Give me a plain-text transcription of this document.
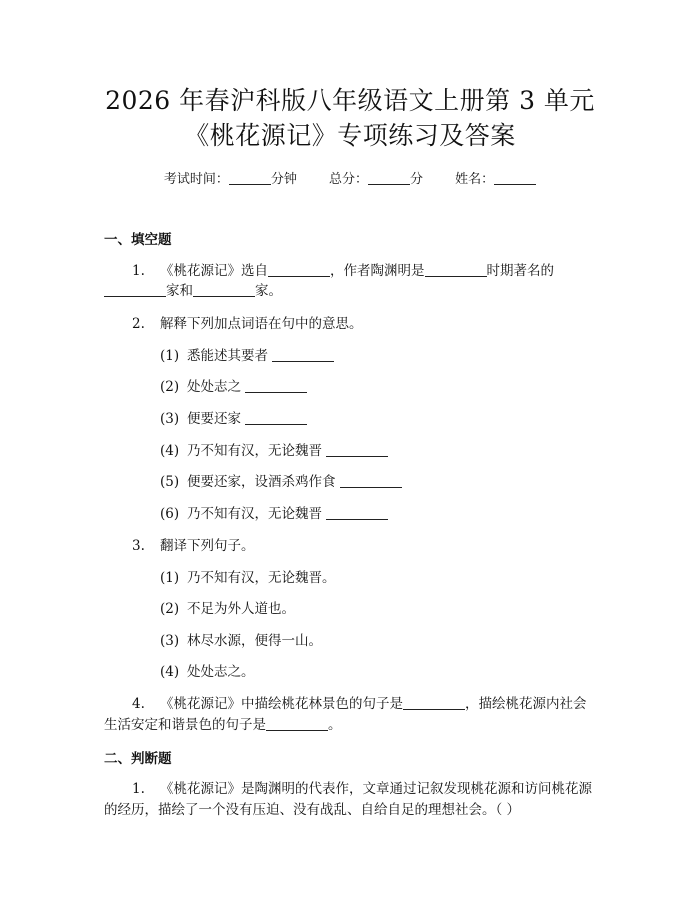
2026 年春沪科版八年级语文上册第 3 单元
《桃花源记》专项练习及答案
考试时间：	分钟 总分：	分 姓名：
一、填空题
1. 《桃花源记》选自	，作者陶渊明是	时期著名的
家和	家。
2. 解释下列加点词语在句中的意思。
(1) 悉能述其要者
(2) 处处志之
(3) 便要还家
(4) 乃不知有汉，无论魏晋
(5) 便要还家，设酒杀鸡作食
(6) 乃不知有汉，无论魏晋
3. 翻译下列句子。
(1) 乃不知有汉，无论魏晋。
(2) 不足为外人道也。
(3) 林尽水源，便得一山。
(4) 处处志之。
4. 《桃花源记》中描绘桃花林景色的句子是	，描绘桃花源内社会
生活安定和谐景色的句子是	。
二、判断题
1. 《桃花源记》是陶渊明的代表作，文章通过记叙发现桃花源和访问桃花源
的经历，描绘了一个没有压迫、没有战乱、自给自足的理想社会。（ ）
